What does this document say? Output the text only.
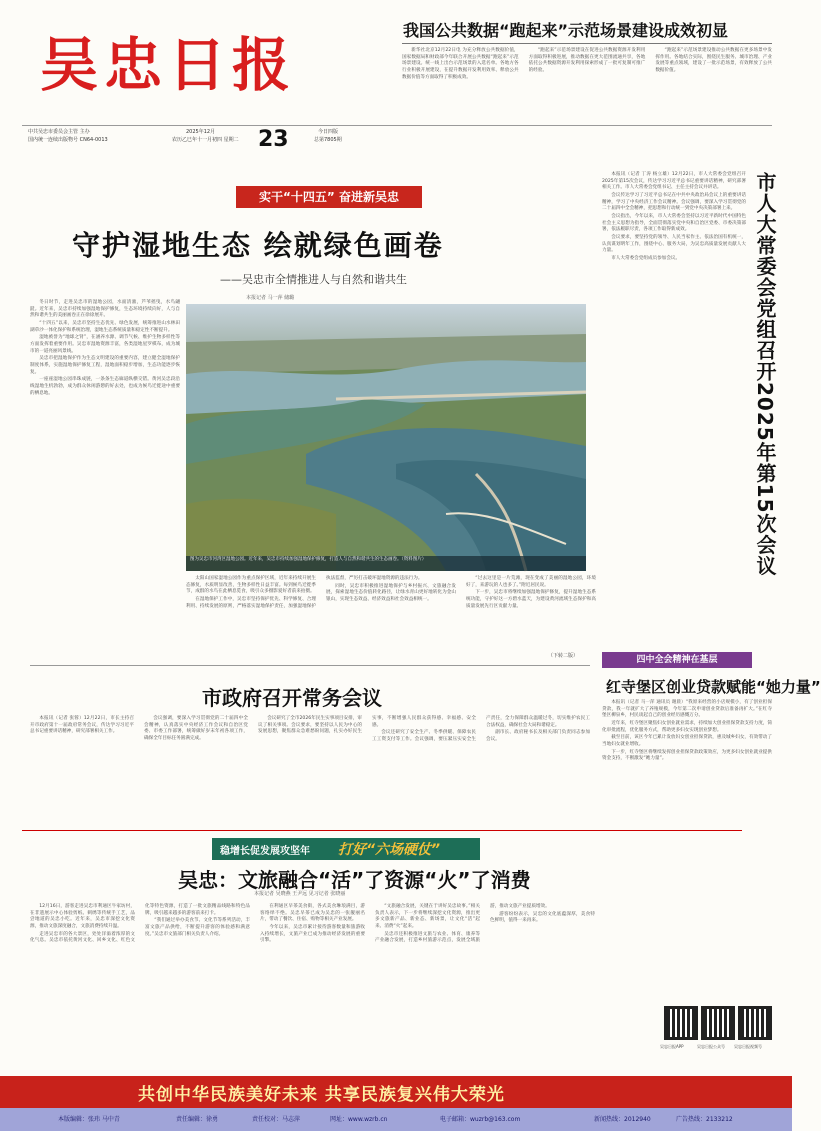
吴忠日报
中共吴忠市委员会主管 主办
国内统一连续出版物号 CN64-0013
2025年12月
农历乙巳年十一月初四 星期二 23	今日四版
总第7805期
我国公共数据“跑起来”示范场景建设成效初显

新华社北京12月22日电 为充分释放公共数据价值，国家数据局和财政部今年联合开展公共数据“跑起来”示范场景建设。统一线上出台示范场景的入选名单。各地方各行业积极开展建设，在提升数据开发利用效率、释放公共数据价值等方面取得了积极成效。

“跑起来”示范场景建设在促进公共数据资源开发利用方面取得积极进展，推动数据在更大范围流通共享，各地依托公共数据资源开发利用探索形成了一批可复制可推广的经验。

“跑起来”示范场景建设推动公共数据在更多场景中发挥作用。各地结合实际，围绕民生服务、城市治理、产业发展等重点领域，建设了一批示范场景，有效释放了公共数据价值。

市人大常委会党组召开2025年第15次会议

本报讯（记者 丁涛 杨立雄）12月22日，市人大常委会党组召开2025年第15次会议，传达学习习近平总书记重要讲话精神，研究部署相关工作。市人大常委会党组书记、主任主持会议并讲话。

会议传达学习了习近平总书记在中共中央政治局会议上的重要讲话精神，学习了中央经济工作会议精神。会议强调，要深入学习贯彻党的二十届四中全会精神，把思想和行动统一到党中央决策部署上来。

会议指出，今年以来，市人大常委会坚持以习近平新时代中国特色社会主义思想为指导，全面贯彻落实党中央和自治区党委、市委决策部署，依法履职尽责，各项工作取得新成效。

会议要求，要坚持党的领导、人民当家作主、依法治国有机统一，认真谋划明年工作，围绕中心、服务大局，为吴忠高质量发展贡献人大力量。

市人大常委会党组成员参加会议。

四中全会精神在基层
红寺堡区创业贷款赋能“她力量”

本报讯（记者 马一萍 通讯员 谢晨）“我原来经营的小店规模小，有了创业担保贷款，我一年就扩大了养殖规模，今年第二次申请创业贷款后准备再扩大。”在红寺堡区柳泉乡，村民谈起自己的创业经历感慨万分。

近年来，红寺堡区聚焦妇女创业就业需求，持续加大创业担保贷款支持力度，简化审批流程，优化服务方式，帮助更多妇女实现创业梦想。

截至目前，该区今年已累计发放妇女创业担保贷款，惠及城乡妇女，有效带动了当地妇女就业增收。

下一步，红寺堡区将继续发挥创业担保贷款政策效应，为更多妇女创业就业提供资金支持，不断激发“她力量”。

吴忠日报APP	吴忠日报公众号 吴忠日报视频号
实干“十四五” 奋进新吴忠
守护湿地生态 绘就绿色画卷
——吴忠市全情推进人与自然和谐共生
本报记者 马一萍 储璐

冬日时节，走进吴忠市的湿地公园，水面清澈，芦苇摇曳，水鸟翩跹。近年来，吴忠市持续加强湿地保护修复，生态环境持续向好，人与自然和谐共生的美丽画卷正在徐徐展开。

“十四五”以来，吴忠市坚持生态优先、绿色发展，统筹推进山水林田湖草沙一体化保护和系统治理，湿地生态系统质量和稳定性不断提升。

湿地被誉为“地球之肾”，在涵养水源、调节气候、维护生物多样性等方面发挥着重要作用。吴忠市湿地资源丰富，各类湿地星罗棋布，成为城市的一道亮丽风景线。

吴忠市把湿地保护作为生态文明建设的重要内容，建立健全湿地保护制度体系，实施湿地保护修复工程，湿地面积稳步增加，生态功能逐步恢复。

一座座湿地公园串珠成链，一条条生态廊道纵横交错。黄河吴忠段沿线湿地生机勃勃，成为群众休闲游憩的好去处，也成为候鸟迁徙途中重要的栖息地。

图为吴忠市河湾区湿地公园。近年来，吴忠市持续加强湿地保护修复，打造人与自然和谐共生的生态画卷。（资料图片）

太阳山国家湿地公园作为重点保护区域，近年来持续开展生态修复，水质明显改善，生物多样性日益丰富。每到候鸟迁徙季节，成群的水鸟在此栖息觅食，吸引众多摄影爱好者前来拍摄。

在湿地保护工作中，吴忠市坚持保护优先、科学修复、合理利用、持续发展的原则，严格落实湿地保护责任，加强湿地保护执法监督，严厉打击破坏湿地资源的违法行为。

同时，吴忠市积极推进湿地保护与乡村振兴、文旅融合发展，探索湿地生态价值转化路径，让绿水青山更好地转化为金山银山，实现生态效益、经济效益和社会效益相统一。

“过去这里是一片荒滩，现在变成了美丽的湿地公园，环境好了，来游玩的人也多了。”附近居民说。

下一步，吴忠市将继续加强湿地保护修复，提升湿地生态系统功能，守护好这一方碧水蓝天，为建设黄河流域生态保护和高质量发展先行区贡献力量。

（下转二版）
市政府召开常务会议

本报讯（记者 张蓉）12月22日，市长主持召开市政府第十一届政府常务会议，传达学习习近平总书记重要讲话精神，研究部署相关工作。

会议强调，要深入学习贯彻党的二十届四中全会精神，认真落实中央经济工作会议和自治区党委、市委工作部署，统筹做好岁末年初各项工作，确保全年目标任务圆满完成。

会议研究了全市2026年民生实事项目安排，审议了相关事项。会议要求，要坚持以人民为中心的发展思想，聚焦群众急难愁盼问题，扎实办好民生实事，不断增强人民群众获得感、幸福感、安全感。

会议还研究了安全生产、冬季供暖、保障农民工工资支付等工作。会议强调，要压紧压实安全生产责任，全力保障群众温暖过冬，切实维护农民工合法权益，确保社会大局和谐稳定。

副市长、政府秘书长及相关部门负责同志参加会议。

稳增长促发展攻坚年 打好“六场硬仗”
吴忠：文旅融合“活”了资源“火”了消费
本报记者 吴晓燕 王尹远 见习记者 张晓丽

12月16日，游客走进吴忠市利通区牛家坊村，在非遗展示中心体验剪纸、刺绣等传统手工艺，品尝地道的吴忠小吃。近年来，吴忠市深挖文化资源，推动文旅深度融合，文旅消费持续升温。

走进吴忠市的各大景区，处处洋溢着浓厚的文化气息。吴忠市依托黄河文化、回乡文化、红色文化等特色资源，打造了一批文旅精品线路和特色品牌，吸引越来越多的游客前来打卡。

“我们通过举办美食节、文化节等系列活动，丰富文旅产品供给，不断提升游客的体验感和满意度。”吴忠市文旅部门相关负责人介绍。

在利通区早茶美食街，各式美食琳琅满目，游客络绎不绝。吴忠早茶已成为吴忠的一张靓丽名片，带动了餐饮、住宿、购物等相关产业发展。

今年以来，吴忠市累计接待游客数量和旅游收入持续增长，文旅产业已成为推动经济发展的重要引擎。

“文旅融合发展，关键在于讲好吴忠故事。”相关负责人表示，下一步将继续深挖文化资源，推出更多文旅新产品、新业态、新场景，让文化“活”起来、消费“火”起来。

吴忠市还积极推进文旅与农业、体育、康养等产业融合发展，打造乡村旅游示范点，发展全域旅游，推动文旅产业提质增效。

游客纷纷表示，吴忠的文化底蕴深厚，美食特色鲜明，值得一来再来。

共创中华民族美好未来 共享民族复兴伟大荣光
本版编辑：张玮 马中青	责任编辑：徐勇	责任校对：马志萍	网址：www.wzrb.cn	电子邮箱：wuzrb@163.com	新闻热线：2012940	广告热线：2133212
